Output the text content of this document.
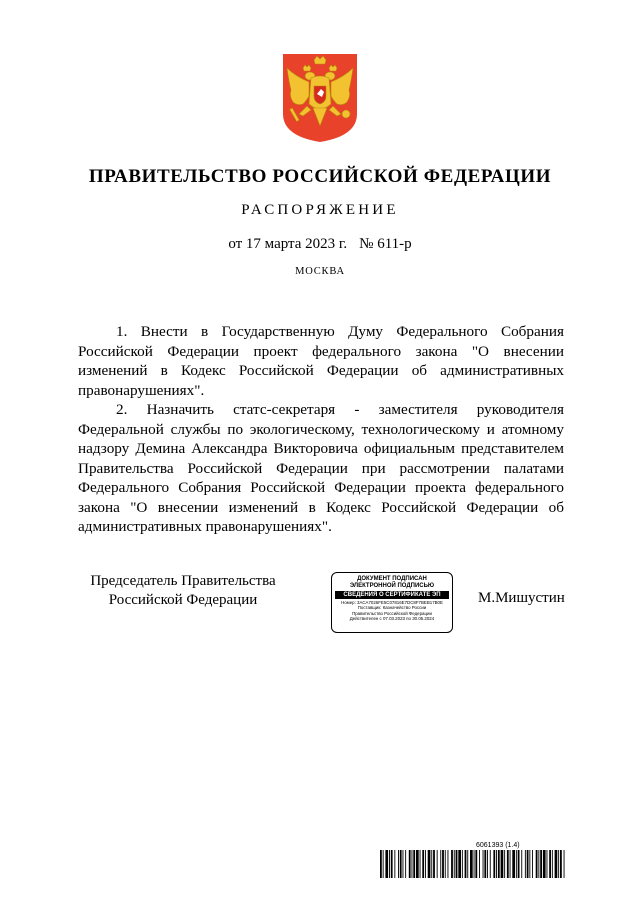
ПРАВИТЕЛЬСТВО РОССИЙСКОЙ ФЕДЕРАЦИИ
РАСПОРЯЖЕНИЕ
от 17 марта 2023 г. № 611-р
МОСКВА

1. Внести в Государственную Думу Федерального Собрания Российской Федерации проект федерального закона "О внесении изменений в Кодекс Российской Федерации об административных правонарушениях".

2. Назначить статс-секретаря - заместителя руководителя Федеральной службы по экологическому, технологическому и атомному надзору Демина Александра Викторовича официальным представителем Правительства Российской Федерации при рассмотрении палатами Федерального Собрания Российской Федерации проекта федерального закона "О внесении изменений в Кодекс Российской Федерации об административных правонарушениях".

Председатель Правительства
Российской Федерации
ДОКУМЕНТ ПОДПИСАН
ЭЛЕКТРОННОЙ ПОДПИСЬЮ
СВЕДЕНИЯ О СЕРТИФИКАТЕ ЭП
Номер: 3ACA7026FE5C07816E7DC8F7BEB17B0E
Поставщик: Казначейство России
Правительство Российской Федерации
Действителен с 07.03.2023 по 30.05.2024
М.Мишустин
6061393 (1.4)
